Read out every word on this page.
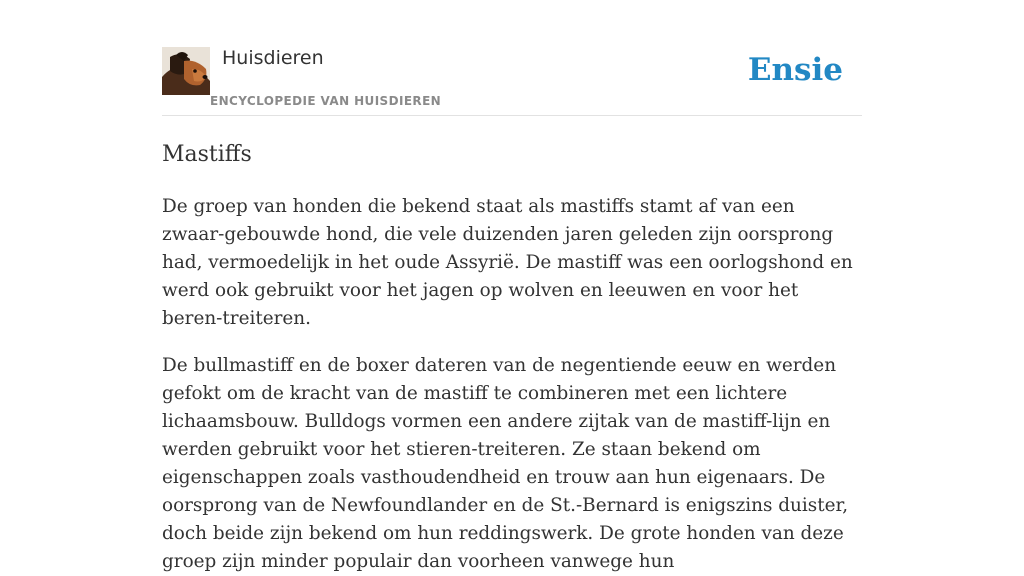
Huisdieren
ENCYCLOPEDIE VAN HUISDIEREN
Ensie
Mastiffs

De groep van honden die bekend staat als mastiffs stamt af van een zwaar-gebouwde hond, die vele duizenden jaren geleden zijn oorsprong had, vermoedelijk in het oude Assyrië. De mastiff was een oorlogshond en werd ook gebruikt voor het jagen op wolven en leeuwen en voor het beren-treiteren.

De bullmastiff en de boxer dateren van de negentiende eeuw en werden gefokt om de kracht van de mastiff te combineren met een lichtere lichaamsbouw. Bulldogs vormen een andere zijtak van de mastiff-lijn en werden gebruikt voor het stieren-treiteren. Ze staan bekend om eigenschappen zoals vasthoudendheid en trouw aan hun eigenaars. De oorsprong van de Newfoundlander en de St.-Bernard is enigszins duister, doch beide zijn bekend om hun reddingswerk. De grote honden van deze groep zijn minder populair dan voorheen vanwege hun
